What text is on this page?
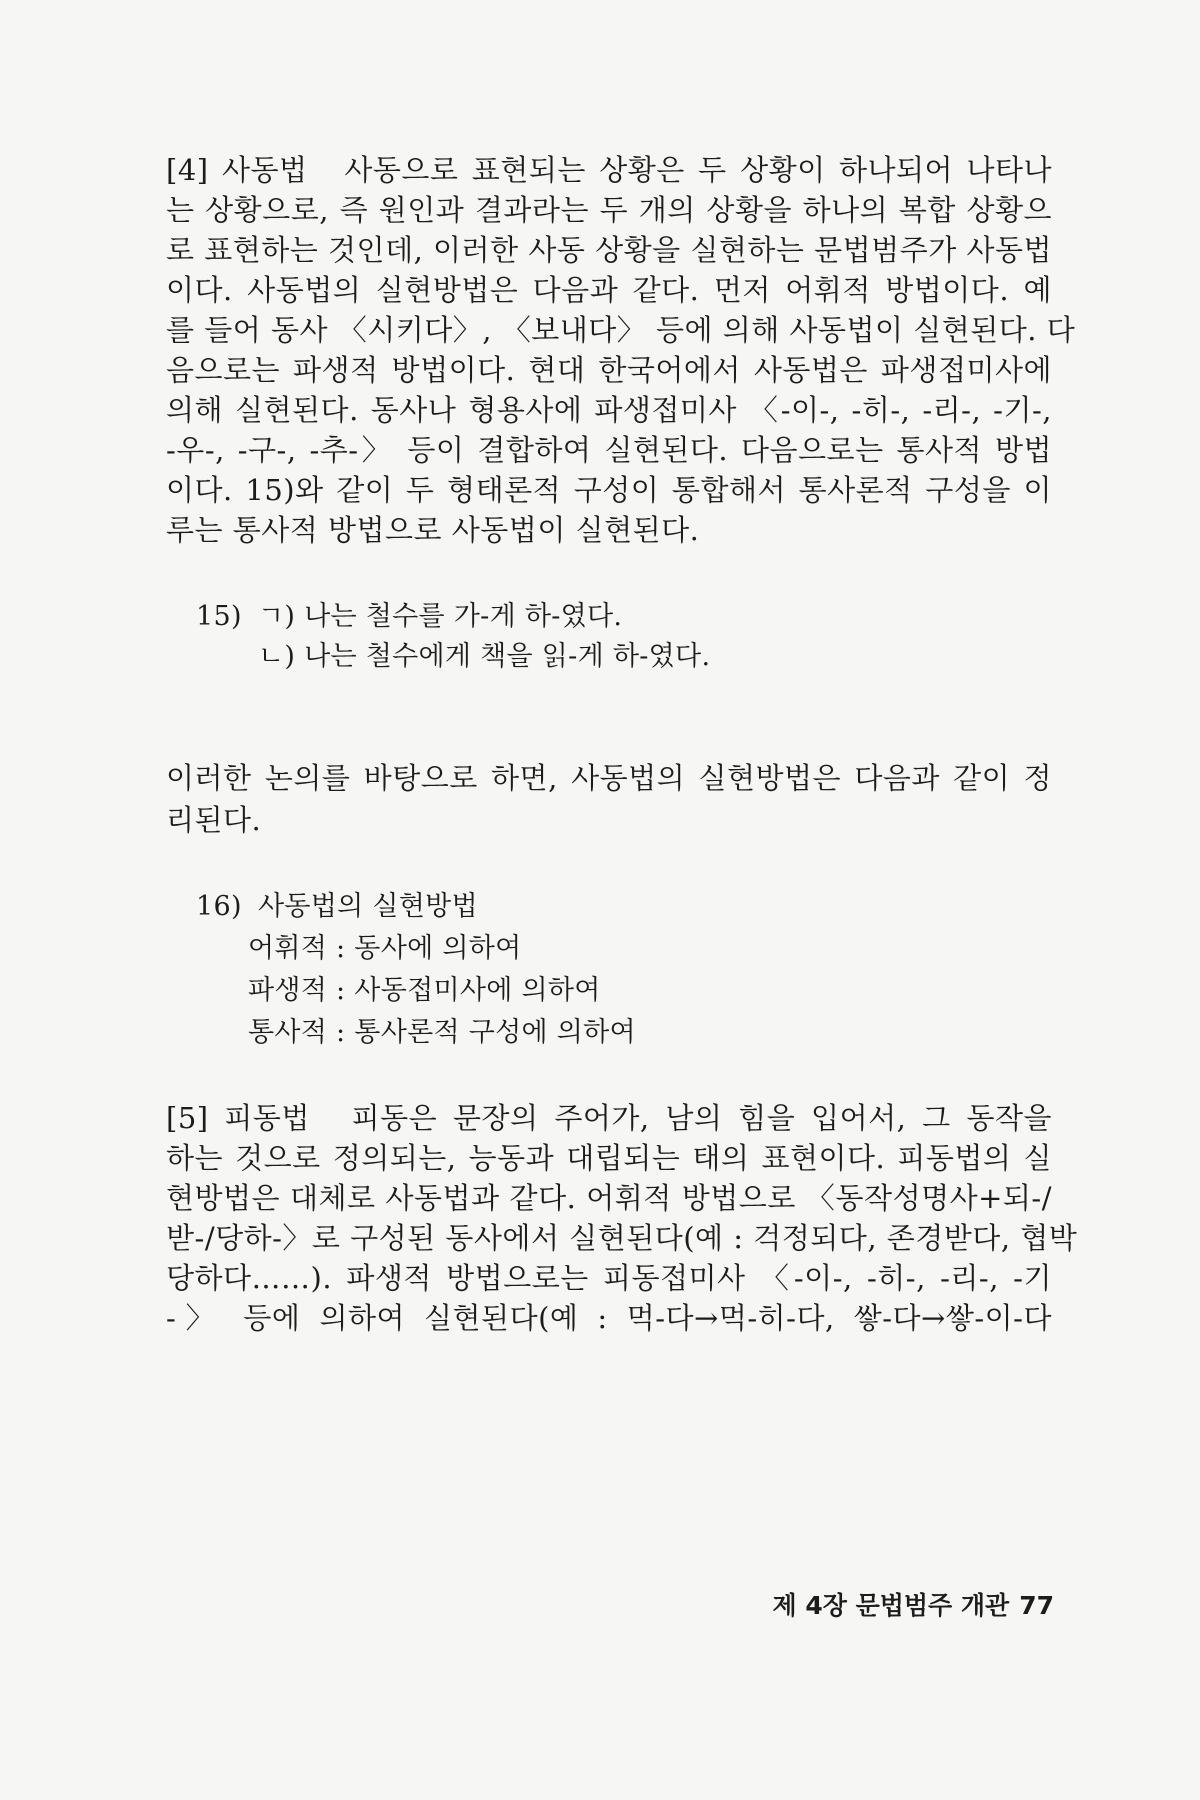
[4] 사동법　사동으로 표현되는 상황은 두 상황이 하나되어 나타나
는 상황으로, 즉 원인과 결과라는 두 개의 상황을 하나의 복합 상황으
로 표현하는 것인데, 이러한 사동 상황을 실현하는 문법범주가 사동법
이다. 사동법의 실현방법은 다음과 같다. 먼저 어휘적 방법이다. 예
를 들어 동사 〈시키다〉, 〈보내다〉 등에 의해 사동법이 실현된다. 다
음으로는 파생적 방법이다. 현대 한국어에서 사동법은 파생접미사에
의해 실현된다. 동사나 형용사에 파생접미사 〈-이-, -히-, -리-, -기-,
-우-, -구-, -추-〉 등이 결합하여 실현된다. 다음으로는 통사적 방법
이다. 15)와 같이 두 형태론적 구성이 통합해서 통사론적 구성을 이
루는 통사적 방법으로 사동법이 실현된다.
15) ㄱ) 나는 철수를 가-게 하-였다.
ㄴ) 나는 철수에게 책을 읽-게 하-였다.
이러한 논의를 바탕으로 하면, 사동법의 실현방법은 다음과 같이 정
리된다.
16) 사동법의 실현방법
어휘적 : 동사에 의하여
파생적 : 사동접미사에 의하여
통사적 : 통사론적 구성에 의하여
[5] 피동법　피동은 문장의 주어가, 남의 힘을 입어서, 그 동작을
하는 것으로 정의되는, 능동과 대립되는 태의 표현이다. 피동법의 실
현방법은 대체로 사동법과 같다. 어휘적 방법으로 〈동작성명사+되-/
받-/당하-〉로 구성된 동사에서 실현된다(예 : 걱정되다, 존경받다, 협박
당하다……). 파생적 방법으로는 피동접미사 〈-이-, -히-, -리-, -기
-〉 등에 의하여 실현된다(예 : 먹-다→먹-히-다, 쌓-다→쌓-이-다
제 4장 문법범주 개관 77
